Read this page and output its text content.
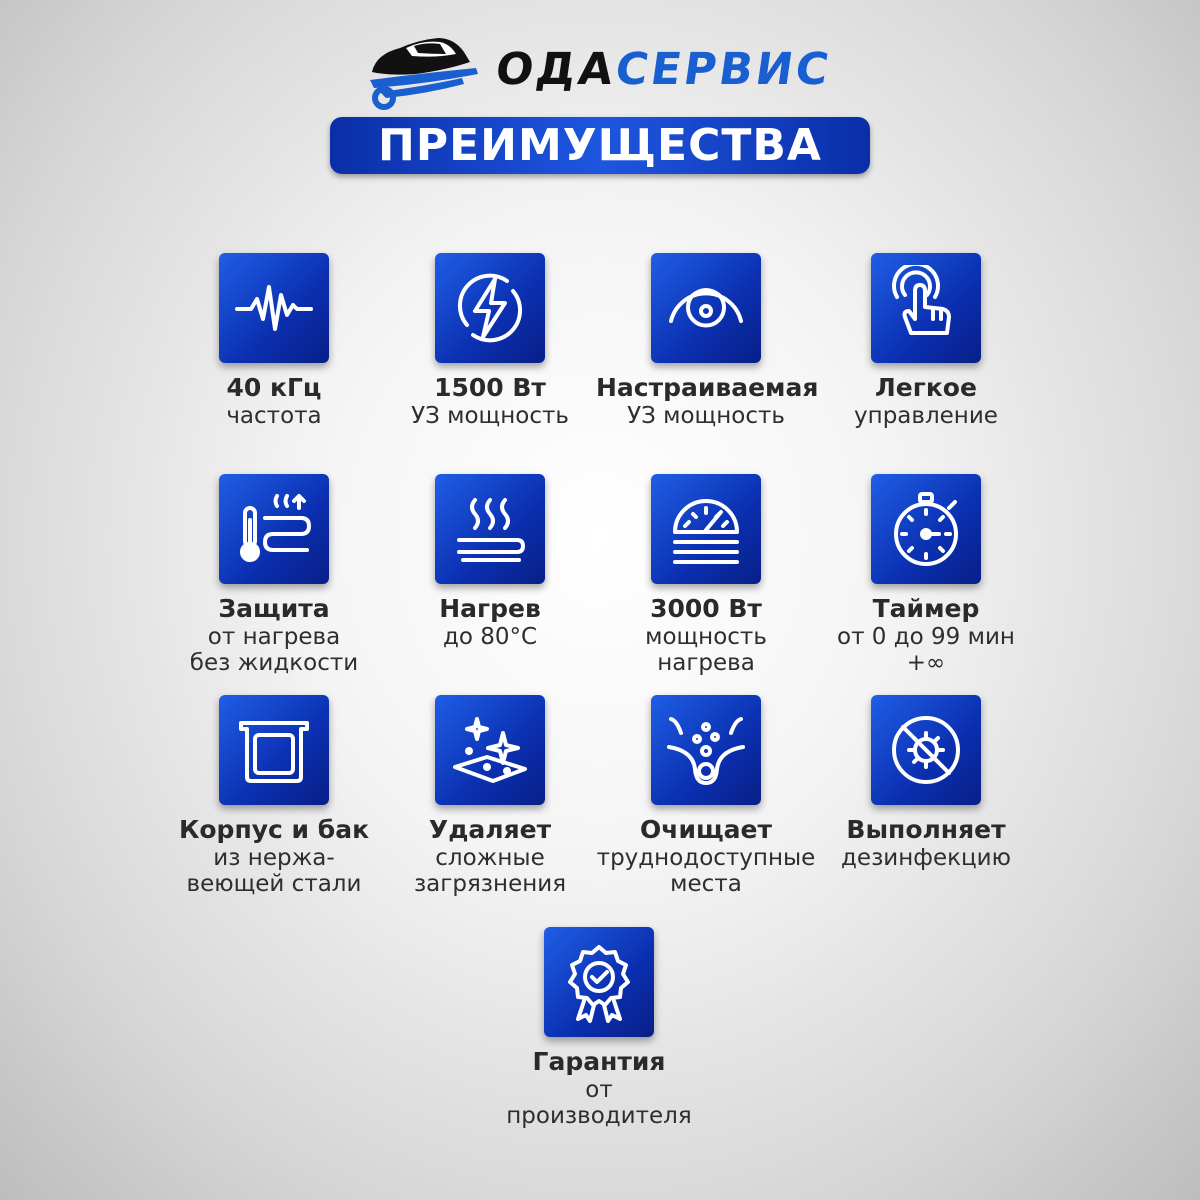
ОДАСЕРВИС
ПРЕИМУЩЕСТВА
40 кГц
частота
1500 Вт
УЗ мощность
Настраиваемая
УЗ мощность
Легкое
управление
Защита
от нагрева
без жидкости
Нагрев
до 80°С
3000 Вт
мощность
нагрева
Таймер
от 0 до 99 мин
+∞
Корпус и бак
из нержа-
веющей стали
Удаляет
сложные
загрязнения
Очищает
труднодоступные
места
Выполняет
дезинфекцию
Гарантия
от производителя
